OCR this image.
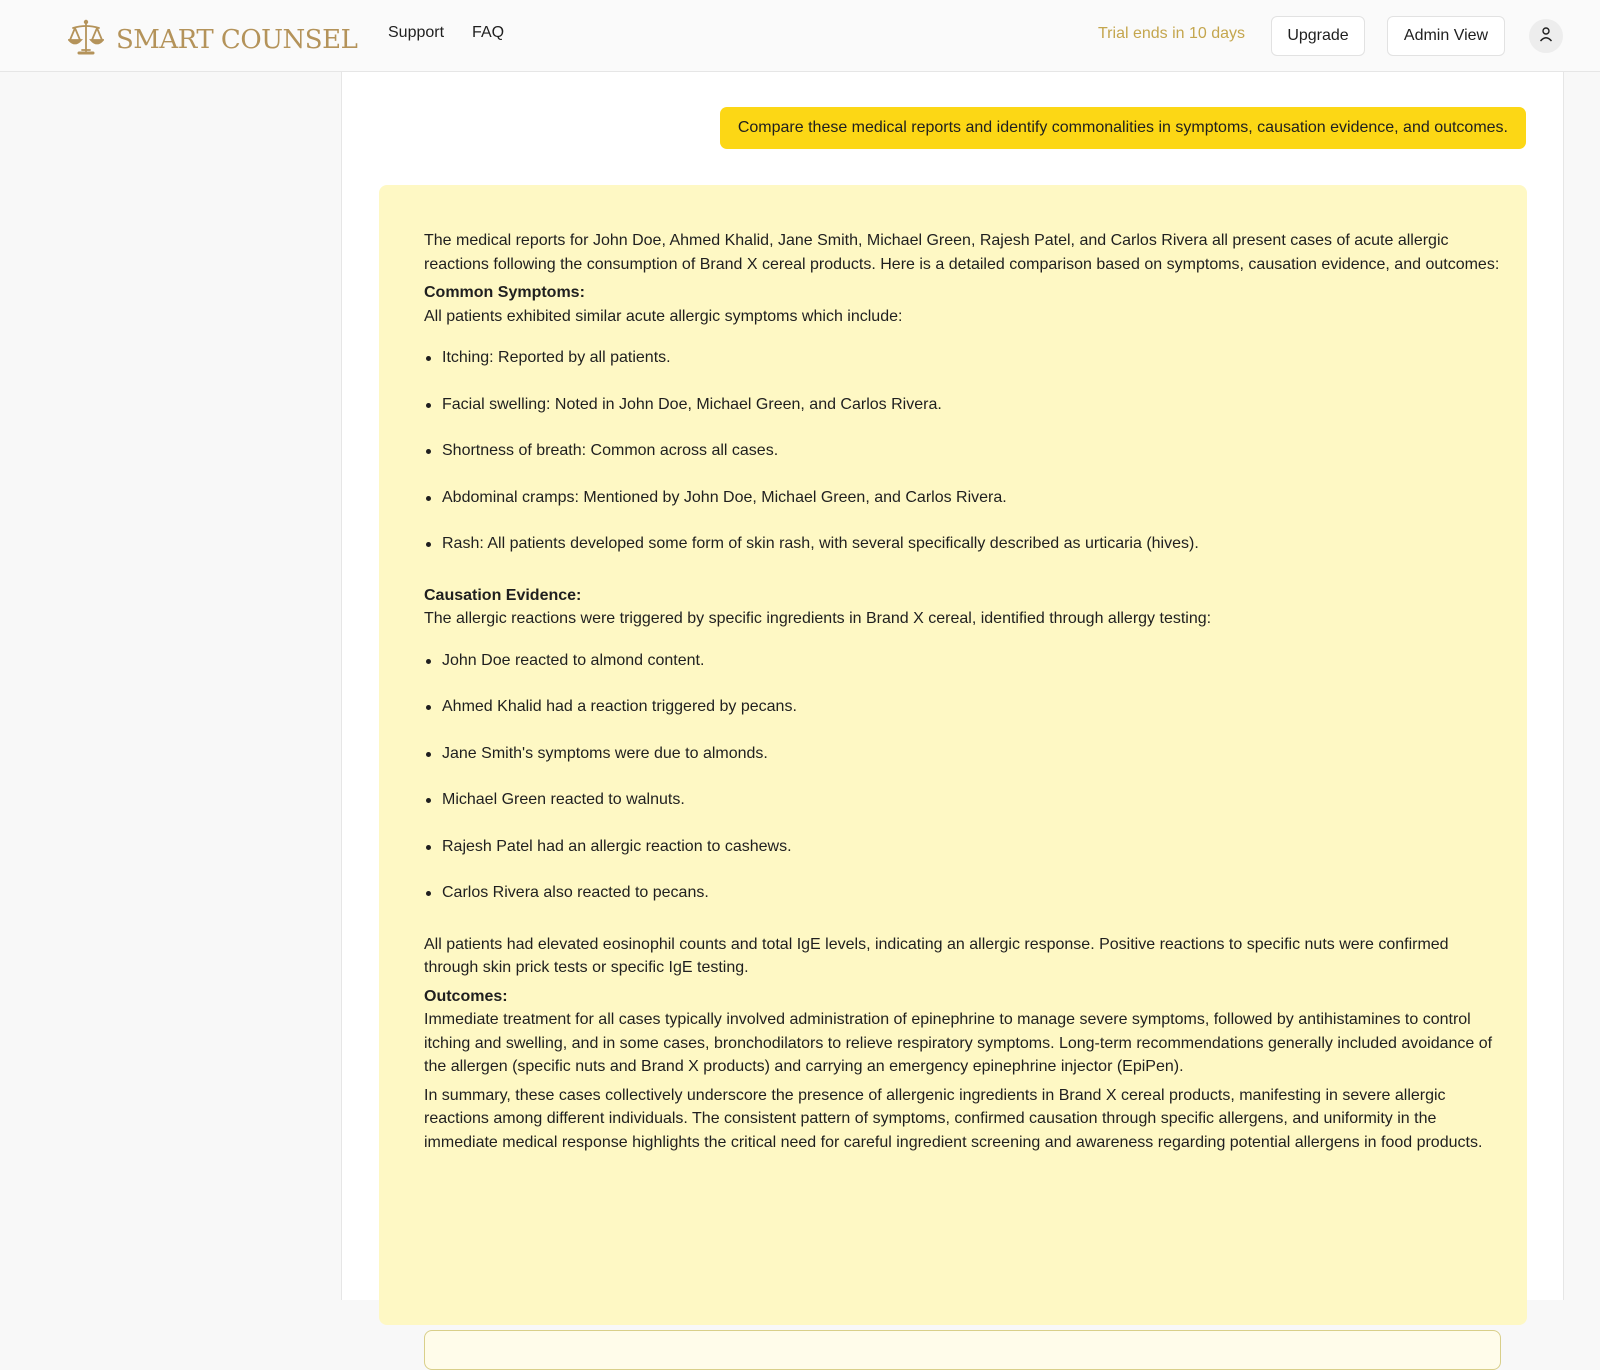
SMART COUNSEL Support FAQ	Trial ends in 10 days	Upgrade	Admin View
Compare these medical reports and identify commonalities in symptoms, causation evidence, and outcomes.

The medical reports for John Doe, Ahmed Khalid, Jane Smith, Michael Green, Rajesh Patel, and Carlos Rivera all present cases of acute allergic reactions following the consumption of Brand X cereal products. Here is a detailed comparison based on symptoms, causation evidence, and outcomes:

Common Symptoms:

All patients exhibited similar acute allergic symptoms which include:

Itching: Reported by all patients.
Facial swelling: Noted in John Doe, Michael Green, and Carlos Rivera.
Shortness of breath: Common across all cases.
Abdominal cramps: Mentioned by John Doe, Michael Green, and Carlos Rivera.
Rash: All patients developed some form of skin rash, with several specifically described as urticaria (hives).
Causation Evidence:

The allergic reactions were triggered by specific ingredients in Brand X cereal, identified through allergy testing:

John Doe reacted to almond content.
Ahmed Khalid had a reaction triggered by pecans.
Jane Smith's symptoms were due to almonds.
Michael Green reacted to walnuts.
Rajesh Patel had an allergic reaction to cashews.
Carlos Rivera also reacted to pecans.

All patients had elevated eosinophil counts and total IgE levels, indicating an allergic response. Positive reactions to specific nuts were confirmed through skin prick tests or specific IgE testing.

Outcomes:

Immediate treatment for all cases typically involved administration of epinephrine to manage severe symptoms, followed by antihistamines to control itching and swelling, and in some cases, bronchodilators to relieve respiratory symptoms. Long-term recommendations generally included avoidance of the allergen (specific nuts and Brand X products) and carrying an emergency epinephrine injector (EpiPen).

In summary, these cases collectively underscore the presence of allergenic ingredients in Brand X cereal products, manifesting in severe allergic reactions among different individuals. The consistent pattern of symptoms, confirmed causation through specific allergens, and uniformity in the immediate medical response highlights the critical need for careful ingredient screening and awareness regarding potential allergens in food products.
